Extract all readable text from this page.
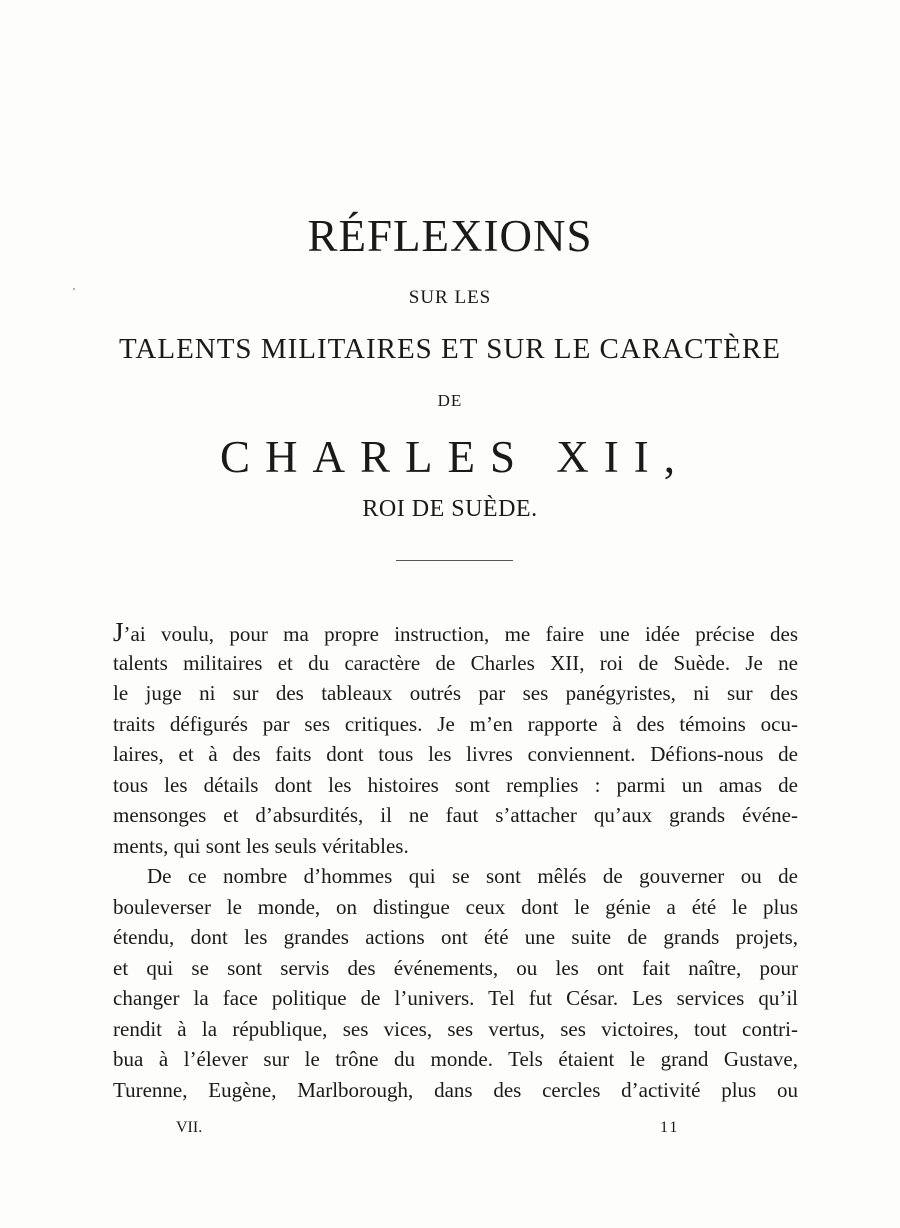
RÉFLEXIONS
SUR LES
TALENTS MILITAIRES ET SUR LE CARACTÈRE
DE
CHARLES XII,
ROI DE SUÈDE.
J’ai voulu, pour ma propre instruction, me faire une idée précise des
talents militaires et du caractère de Charles XII, roi de Suède. Je ne
le juge ni sur des tableaux outrés par ses panégyristes, ni sur des
traits défigurés par ses critiques. Je m’en rapporte à des témoins ocu-
laires, et à des faits dont tous les livres conviennent. Défions-nous de
tous les détails dont les histoires sont remplies : parmi un amas de
mensonges et d’absurdités, il ne faut s’attacher qu’aux grands événe-
ments, qui sont les seuls véritables.
De ce nombre d’hommes qui se sont mêlés de gouverner ou de
bouleverser le monde, on distingue ceux dont le génie a été le plus
étendu, dont les grandes actions ont été une suite de grands projets,
et qui se sont servis des événements, ou les ont fait naître, pour
changer la face politique de l’univers. Tel fut César. Les services qu’il
rendit à la république, ses vices, ses vertus, ses victoires, tout contri-
bua à l’élever sur le trône du monde. Tels étaient le grand Gustave,
Turenne, Eugène, Marlborough, dans des cercles d’activité plus ou
VII.	11
